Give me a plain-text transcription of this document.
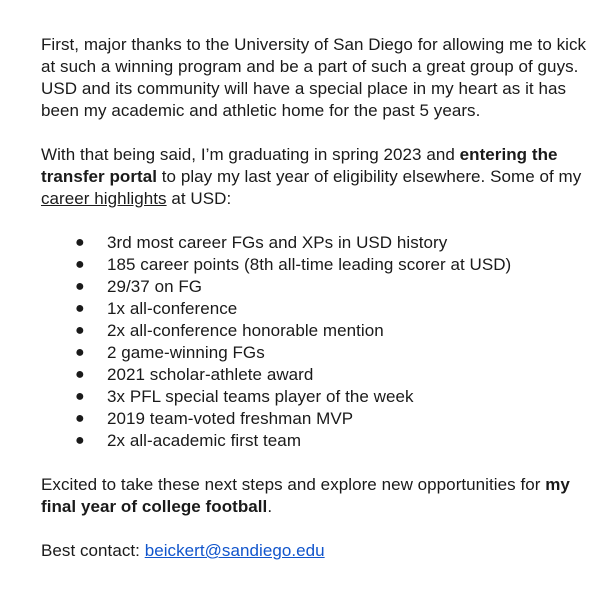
First, major thanks to the University of San Diego for allowing me to kick at such a winning program and be a part of such a great group of guys. USD and its community will have a special place in my heart as it has been my academic and athletic home for the past 5 years.

With that being said, I’m graduating in spring 2023 and entering the transfer portal to play my last year of eligibility elsewhere. Some of my career highlights at USD:

● 3rd most career FGs and XPs in USD history
● 185 career points (8th all-time leading scorer at USD)
● 29/37 on FG
● 1x all-conference
● 2x all-conference honorable mention
● 2 game-winning FGs
● 2021 scholar-athlete award
● 3x PFL special teams player of the week
● 2019 team-voted freshman MVP
● 2x all-academic first team

Excited to take these next steps and explore new opportunities for my final year of college football.

Best contact: beickert@sandiego.edu
